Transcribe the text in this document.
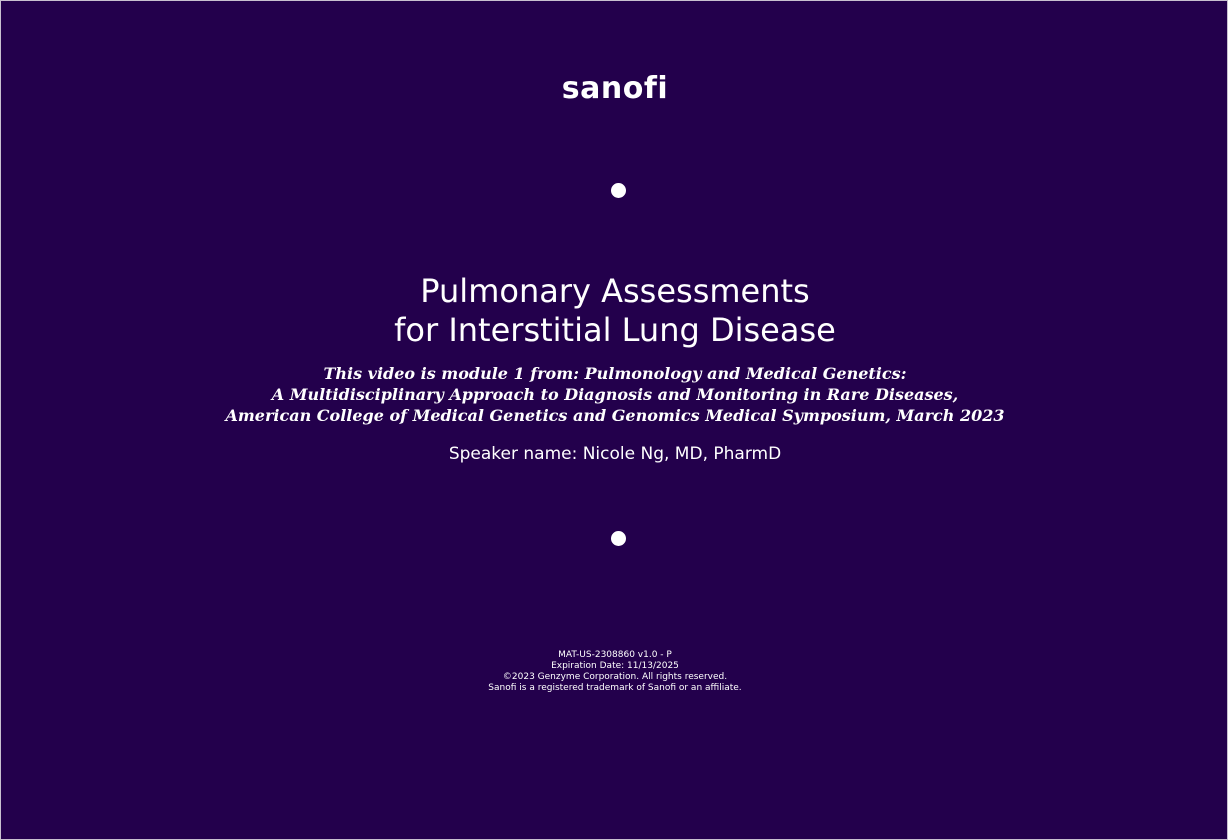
sanofi
Pulmonary Assessments
for Interstitial Lung Disease
This video is module 1 from: Pulmonology and Medical Genetics:
A Multidisciplinary Approach to Diagnosis and Monitoring in Rare Diseases,
American College of Medical Genetics and Genomics Medical Symposium, March 2023
Speaker name: Nicole Ng, MD, PharmD
MAT-US-2308860 v1.0 - P
Expiration Date: 11/13/2025
©2023 Genzyme Corporation. All rights reserved.
Sanofi is a registered trademark of Sanofi or an affiliate.
